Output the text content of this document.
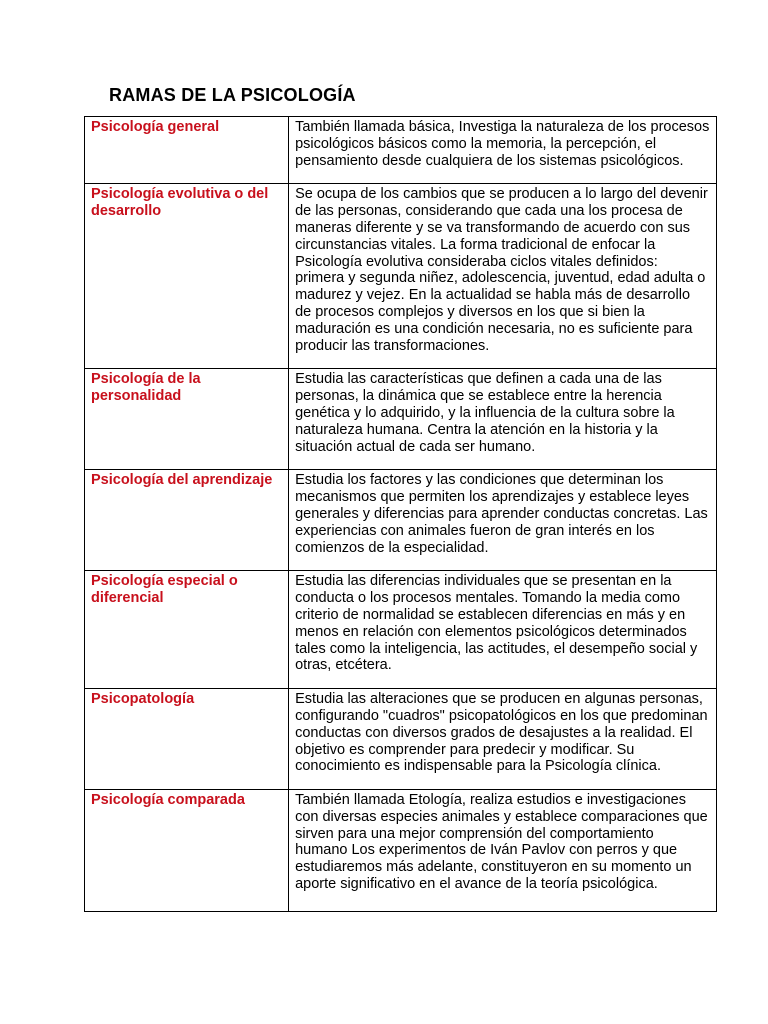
RAMAS DE LA PSICOLOGÍA
Psicología general	También llamada básica, Investiga la naturaleza de los procesos psicológicos básicos como la memoria, la percepción, el pensamiento desde cualquiera de los sistemas psicológicos.
Psicología evolutiva o del desarrollo	Se ocupa de los cambios que se producen a lo largo del devenir de las personas, considerando que cada una los procesa de maneras diferente y se va transformando de acuerdo con sus circunstancias vitales. La forma tradicional de enfocar la Psicología evolutiva consideraba ciclos vitales definidos: primera y segunda niñez, adolescencia, juventud, edad adulta o madurez y vejez. En la actualidad se habla más de desarrollo de procesos complejos y diversos en los que si bien la maduración es una condición necesaria, no es suficiente para producir las transformaciones.
Psicología de la personalidad	Estudia las características que definen a cada una de las personas, la dinámica que se establece entre la herencia genética y lo adquirido, y la influencia de la cultura sobre la naturaleza humana. Centra la atención en la historia y la situación actual de cada ser humano.
Psicología del aprendizaje	Estudia los factores y las condiciones que determinan los mecanismos que permiten los aprendizajes y establece leyes generales y diferencias para aprender conductas concretas. Las experiencias con animales fueron de gran interés en los comienzos de la especialidad.
Psicología especial o diferencial	Estudia las diferencias individuales que se presentan en la conducta o los procesos mentales. Tomando la media como criterio de normalidad se establecen diferencias en más y en menos en relación con elementos psicológicos determinados tales como la inteligencia, las actitudes, el desempeño social y otras, etcétera.
Psicopatología	Estudia las alteraciones que se producen en algunas personas, configurando "cuadros" psicopatológicos en los que predominan conductas con diversos grados de desajustes a la realidad. El objetivo es comprender para predecir y modificar. Su conocimiento es indispensable para la Psicología clínica.
Psicología comparada	También llamada Etología, realiza estudios e investigaciones con diversas especies animales y establece comparaciones que sirven para una mejor comprensión del comportamiento humano Los experimentos de Iván Pavlov con perros y que estudiaremos más adelante, constituyeron en su momento un aporte significativo en el avance de la teoría psicológica.
